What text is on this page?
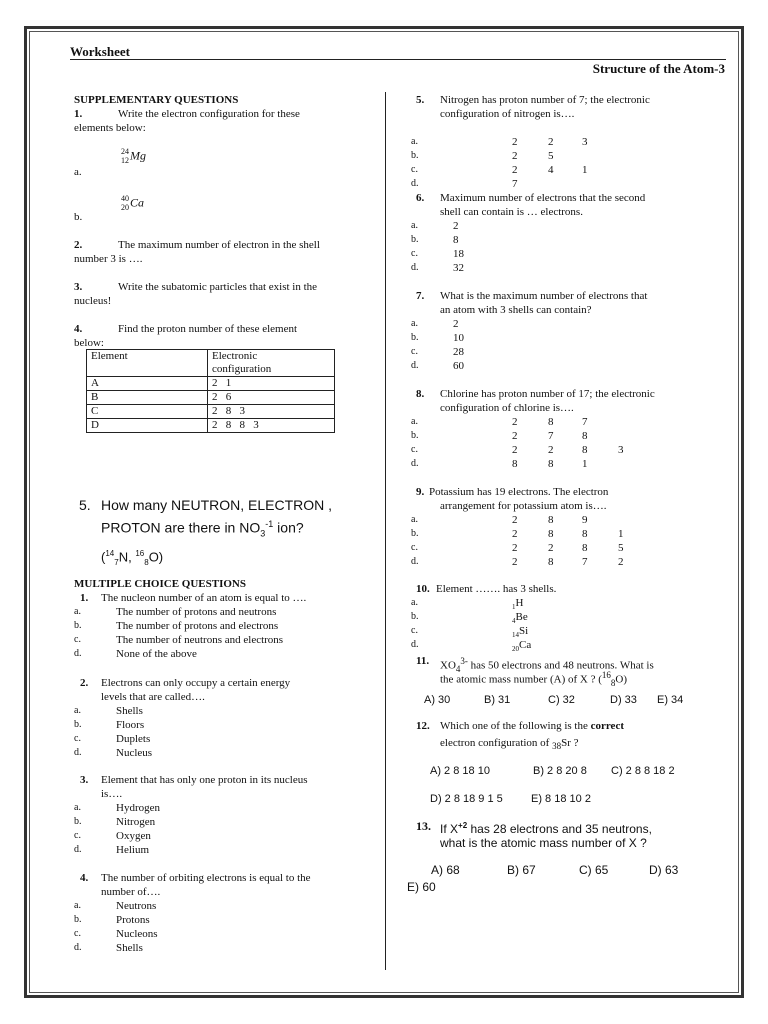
Worksheet
Structure of the Atom-3
SUPPLEMENTARY QUESTIONS
1.	Write the electron configuration for these
elements below:
24
12Mg
a.
40
20Ca
b.
2.	The maximum number of electron in the shell
number 3 is ….
3.	Write the subatomic particles that exist in the
nucleus!
4.	Find the proton number of these element
below:
Element	Electronic
configuration
A	2   1
B	2   6
C	2   8   3
D	2   8   8   3
5. How many NEUTRON, ELECTRON ,
PROTON are there in $NO_3^{-1}$ ion?
($^{14}_7$N, $^{16}_8$O)
MULTIPLE CHOICE QUESTIONS
1. The nucleon number of an atom is equal to ….
a.	The number of protons and neutrons
b.	The number of protons and electrons
c.	The number of neutrons and electrons
d.	None of the above
2. Electrons can only occupy a certain energy
levels that are called….
a.	Shells
b.	Floors
c.	Duplets
d.	Nucleus
3. Element that has only one proton in its nucleus
is….
a.	Hydrogen
b.	Nitrogen
c.	Oxygen
d.	Helium
4. The number of orbiting electrons is equal to the
number of….
a.	Neutrons
b.	Protons
c.	Nucleons
d.	Shells
5. Nitrogen has proton number of 7; the electronic
configuration of nitrogen is….
a.	2	2	3
b.	2	5
c.	2	4	1
d.	7
6. Maximum number of electrons that the second
shell can contain is … electrons.
a.	2
b.	8
c.	18
d.	32
7. What is the maximum number of electrons that
an atom with 3 shells can contain?
a.	2
b.	10
c.	28
d.	60
8. Chlorine has proton number of 17; the electronic
configuration of chlorine is….
a.	2	8	7
b.	2	7	8
c.	2	2	8	3
d.	8	8	1
9. Potassium has 19 electrons. The electron
arrangement for potassium atom is….
a.	2	8	9
b.	2	8	8	1
c.	2	2	8	5
d.	2	8	7	2
10. Element ……. has 3 shells.
a.	$_1$H
b.	$_4$Be
c.	$_{14}$Si
d.	$_{20}$Ca
11. $XO_4^{3-}$ has 50 electrons and 48 neutrons. What is
the atomic mass number (A) of X ? ($^{16}_8$O)
A) 30	B) 31	C) 32	D) 33 E) 34
12. Which one of the following is the correct
electron configuration of $_{38}$Sr ?
A) 2 8 18 10	B) 2 8 20 8 C) 2 8 8 18 2
D) 2 8 18 9 1 5	E) 8 18 10 2
13. If $X^{+2}$ has 28 electrons and 35 neutrons,
what is the atomic mass number of X ?
A) 68	B) 67	C) 65	D) 63
E) 60
